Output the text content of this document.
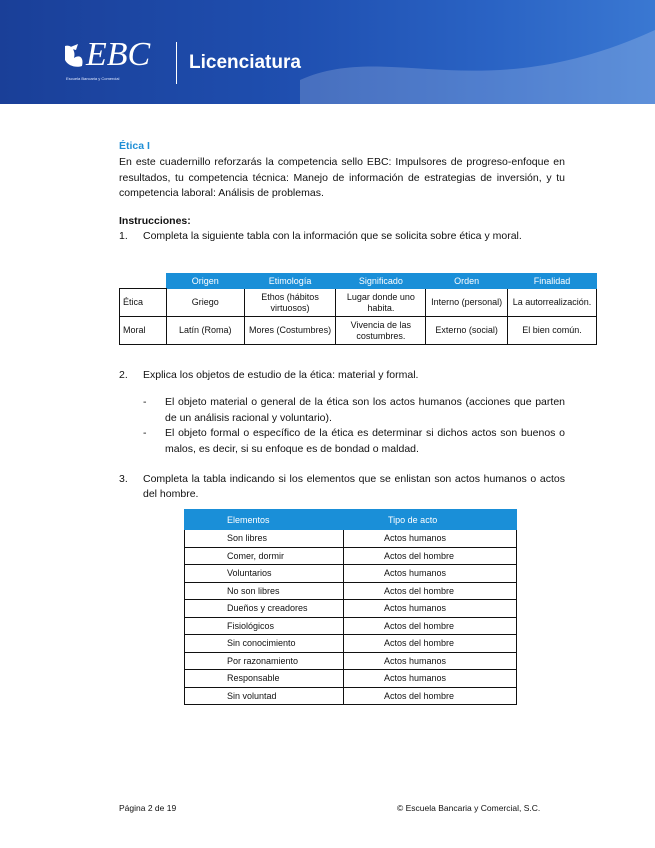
EBC
Escuela Bancaria y Comercial
Licenciatura
Ética I

En este cuadernillo reforzarás la competencia sello EBC: Impulsores de progreso-enfoque en resultados, tu competencia técnica: Manejo de información de estrategias de inversión, y tu competencia laboral: Análisis de problemas.

Instrucciones:
1.	Completa la siguiente tabla con la información que se solicita sobre ética y moral.
	Origen	Etimología	Significado	Orden	Finalidad
Ética	Griego	Ethos (hábitos virtuosos)	Lugar donde uno habita.	Interno (personal)	La autorrealización.
Moral	Latín (Roma)	Mores (Costumbres)	Vivencia de las costumbres.	Externo (social)	El bien común.
2.	Explica los objetos de estudio de la ética: material y formal.
-	El objeto material o general de la ética son los actos humanos (acciones que parten de un análisis racional y voluntario).
-	El objeto formal o específico de la ética es determinar si dichos actos son buenos o malos, es decir, si su enfoque es de bondad o maldad.
3.	Completa la tabla indicando si los elementos que se enlistan son actos humanos o actos del hombre.
Elementos	Tipo de acto
Son libres	Actos humanos
Comer, dormir	Actos del hombre
Voluntarios	Actos humanos
No son libres	Actos del hombre
Dueños y creadores	Actos humanos
Fisiológicos	Actos del hombre
Sin conocimiento	Actos del hombre
Por razonamiento	Actos humanos
Responsable	Actos humanos
Sin voluntad	Actos del hombre
Página 2 de 19	© Escuela Bancaria y Comercial, S.C.
